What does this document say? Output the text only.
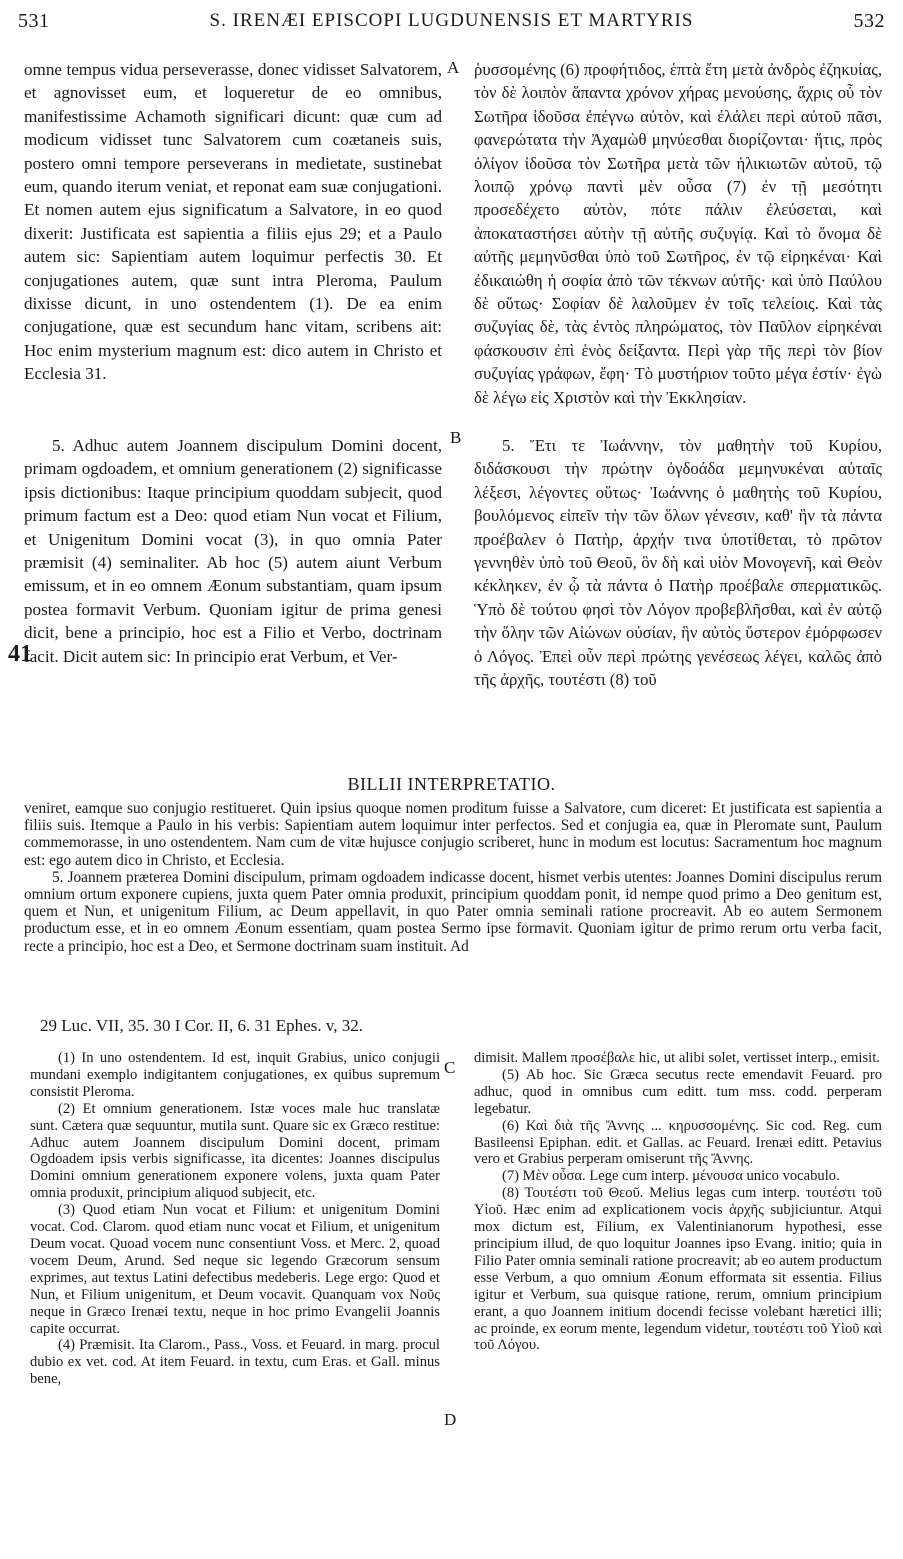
531	S. IRENÆI EPISCOPI LUGDUNENSIS ET MARTYRIS	532

omne tempus vidua perseverasse, donec vidisset Salvatorem, et agnovisset eum, et loqueretur de eo omnibus, manifestissime Achamoth significari dicunt: quæ cum ad modicum vidisset tunc Salvatorem cum coætaneis suis, postero omni tempore perseverans in medietate, sustinebat eum, quando iterum veniat, et reponat eam suæ conjugationi. Et nomen autem ejus significatum a Salvatore, in eo quod dixerit: Justificata est sapientia a filiis ejus 29; et a Paulo autem sic: Sapientiam autem loquimur perfectis 30. Et conjugationes autem, quæ sunt intra Pleroma, Paulum dixisse dicunt, in uno ostendentem (1). De ea enim conjugatione, quæ est secundum hanc vitam, scribens ait: Hoc enim mysterium magnum est: dico autem in Christo et Ecclesia 31.

A ῥυσσομένης (6) προφήτιδος, ἑπτὰ ἔτη μετὰ ἀνδρὸς ἐζηκυίας, τὸν δὲ λοιπὸν ἅπαντα χρόνον χήρας μενούσης, ἄχρις οὗ τὸν Σωτῆρα ἰδοῦσα ἐπέγνω αὐτὸν, καὶ ἐλάλει περὶ αὐτοῦ πᾶσι, φανερώτατα τὴν Ἀχαμὼθ μηνύεσθαι διορίζονται· ἥτις, πρὸς ὀλίγον ἰδοῦσα τὸν Σωτῆρα μετὰ τῶν ἡλικιωτῶν αὐτοῦ, τῷ λοιπῷ χρόνῳ παντὶ μὲν οὖσα (7) ἐν τῇ μεσότητι προσεδέχετο αὐτὸν, πότε πάλιν ἐλεύσεται, καὶ ἀποκαταστήσει αὐτὴν τῇ αὐτῆς συζυγίᾳ. Καὶ τὸ ὄνομα δὲ αὐτῆς μεμηνῦσθαι ὑπὸ τοῦ Σωτῆρος, ἐν τῷ εἰρηκέναι· Καὶ ἐδικαιώθη ἡ σοφία ἀπὸ τῶν τέκνων αὐτῆς· καὶ ὑπὸ Παύλου δὲ οὕτως· Σοφίαν δὲ λαλοῦμεν ἐν τοῖς τελείοις. Καὶ τὰς συζυγίας δὲ, τὰς ἐντὸς πληρώματος, τὸν Παῦλον εἰρηκέναι φάσκουσιν ἐπὶ ἑνὸς δείξαντα. Περὶ γὰρ τῆς περὶ τὸν βίον συζυγίας γράφων, ἔφη· Τὸ μυστήριον τοῦτο μέγα ἐστίν· ἐγὼ δὲ λέγω εἰς Χριστὸν καὶ τὴν Ἐκκλησίαν.

B
41

5. Adhuc autem Joannem discipulum Domini docent, primam ogdoadem, et omnium generationem (2) significasse ipsis dictionibus: Itaque principium quoddam subjecit, quod primum factum est a Deo: quod etiam Nun vocat et Filium, et Unigenitum Domini vocat (3), in quo omnia Pater præmisit (4) seminaliter. Ab hoc (5) autem aiunt Verbum emissum, et in eo omnem Æonum substantiam, quam ipsum postea formavit Verbum. Quoniam igitur de prima genesi dicit, bene a principio, hoc est a Filio et Verbo, doctrinam facit. Dicit autem sic: In principio erat Verbum, et Ver-

5. Ἔτι τε Ἰωάννην, τὸν μαθητὴν τοῦ Κυρίου, διδάσκουσι τὴν πρώτην ὀγδοάδα μεμηνυκέναι αὐταῖς λέξεσι, λέγοντες οὕτως· Ἰωάννης ὁ μαθητὴς τοῦ Κυρίου, βουλόμενος εἰπεῖν τὴν τῶν ὅλων γένεσιν, καθ' ἣν τὰ πάντα προέβαλεν ὁ Πατὴρ, ἀρχήν τινα ὑποτίθεται, τὸ πρῶτον γεννηθὲν ὑπὸ τοῦ Θεοῦ, ὃν δὴ καὶ υἱὸν Μονογενῆ, καὶ Θεὸν κέκληκεν, ἐν ᾧ τὰ πάντα ὁ Πατὴρ προέβαλε σπερματικῶς. Ὑπὸ δὲ τούτου φησὶ τὸν Λόγον προβεβλῆσθαι, καὶ ἐν αὐτῷ τὴν ὅλην τῶν Αἰώνων οὐσίαν, ἣν αὐτὸς ὕστερον ἐμόρφωσεν ὁ Λόγος. Ἐπεὶ οὖν περὶ πρώτης γενέσεως λέγει, καλῶς ἀπὸ τῆς ἀρχῆς, τουτέστι (8) τοῦ

BILLII INTERPRETATIO.

veniret, eamque suo conjugio restitueret. Quin ipsius quoque nomen proditum fuisse a Salvatore, cum diceret: Et justificata est sapientia a filiis suis. Itemque a Paulo in his verbis: Sapientiam autem loquimur inter perfectos. Sed et conjugia ea, quæ in Pleromate sunt, Paulum commemorasse, in uno ostendentem. Nam cum de vitæ hujusce conjugio scriberet, hunc in modum est locutus: Sacramentum hoc magnum est: ego autem dico in Christo, et Ecclesia.

5. Joannem præterea Domini discipulum, primam ogdoadem indicasse docent, hismet verbis utentes: Joannes Domini discipulus rerum omnium ortum exponere cupiens, juxta quem Pater omnia produxit, principium quoddam ponit, id nempe quod primo a Deo genitum est, quem et Nun, et unigenitum Filium, ac Deum appellavit, in quo Pater omnia seminali ratione procreavit. Ab eo autem Sermonem productum esse, et in eo omnem Æonum essentiam, quam postea Sermo ipse formavit. Quoniam igitur de primo rerum ortu verba facit, recte a principio, hoc est a Deo, et Sermone doctrinam suam instituit. Ad

29 Luc. VII, 35. 30 I Cor. II, 6. 31 Ephes. v, 32.
C
D

(1) In uno ostendentem. Id est, inquit Grabius, unico conjugii mundani exemplo indigitantem conjugationes, ex quibus supremum consistit Pleroma.

(2) Et omnium generationem. Istæ voces male huc translatæ sunt. Cætera quæ sequuntur, mutila sunt. Quare sic ex Græco restitue: Adhuc autem Joannem discipulum Domini docent, primam Ogdoadem ipsis verbis significasse, ita dicentes: Joannes discipulus Domini omnium generationem exponere volens, juxta quam Pater omnia produxit, principium aliquod subjecit, etc.

(3) Quod etiam Nun vocat et Filium: et unigenitum Domini vocat. Cod. Clarom. quod etiam nunc vocat et Filium, et unigenitum Deum vocat. Quoad vocem nunc consentiunt Voss. et Merc. 2, quoad vocem Deum, Arund. Sed neque sic legendo Græcorum sensum exprimes, aut textus Latini defectibus medeberis. Lege ergo: Quod et Nun, et Filium unigenitum, et Deum vocavit. Quanquam vox Νοῦς neque in Græco Irenæi textu, neque in hoc primo Evangelii Joannis capite occurrat.

(4) Præmisit. Ita Clarom., Pass., Voss. et Feuard. in marg. procul dubio ex vet. cod. At item Feuard. in textu, cum Eras. et Gall. minus bene,

dimisit. Mallem προσέβαλε hic, ut alibi solet, vertisset interp., emisit.

(5) Ab hoc. Sic Græca secutus recte emendavit Feuard. pro adhuc, quod in omnibus cum editt. tum mss. codd. perperam legebatur.

(6) Καὶ διὰ τῆς Ἄννης ... κηρυσσομένης. Sic cod. Reg. cum Basileensi Epiphan. edit. et Gallas. ac Feuard. Irenæi editt. Petavius vero et Grabius perperam omiserunt τῆς Ἄννης.

(7) Μὲν οὖσα. Lege cum interp. μένουσα unico vocabulo.

(8) Τουτέστι τοῦ Θεοῦ. Melius legas cum interp. τουτέστι τοῦ Υἱοῦ. Hæc enim ad explicationem vocis ἀρχῆς subjiciuntur. Atqui mox dictum est, Filium, ex Valentinianorum hypothesi, esse principium illud, de quo loquitur Joannes ipso Evang. initio; quia in Filio Pater omnia seminali ratione procreavit; ab eo autem productum esse Verbum, a quo omnium Æonum efformata sit essentia. Filius igitur et Verbum, sua quisque ratione, rerum, omnium principium erant, a quo Joannem initium docendi fecisse volebant hæretici illi; ac proinde, ex eorum mente, legendum videtur, τουτέστι τοῦ Υἱοῦ καὶ τοῦ Λόγου.
